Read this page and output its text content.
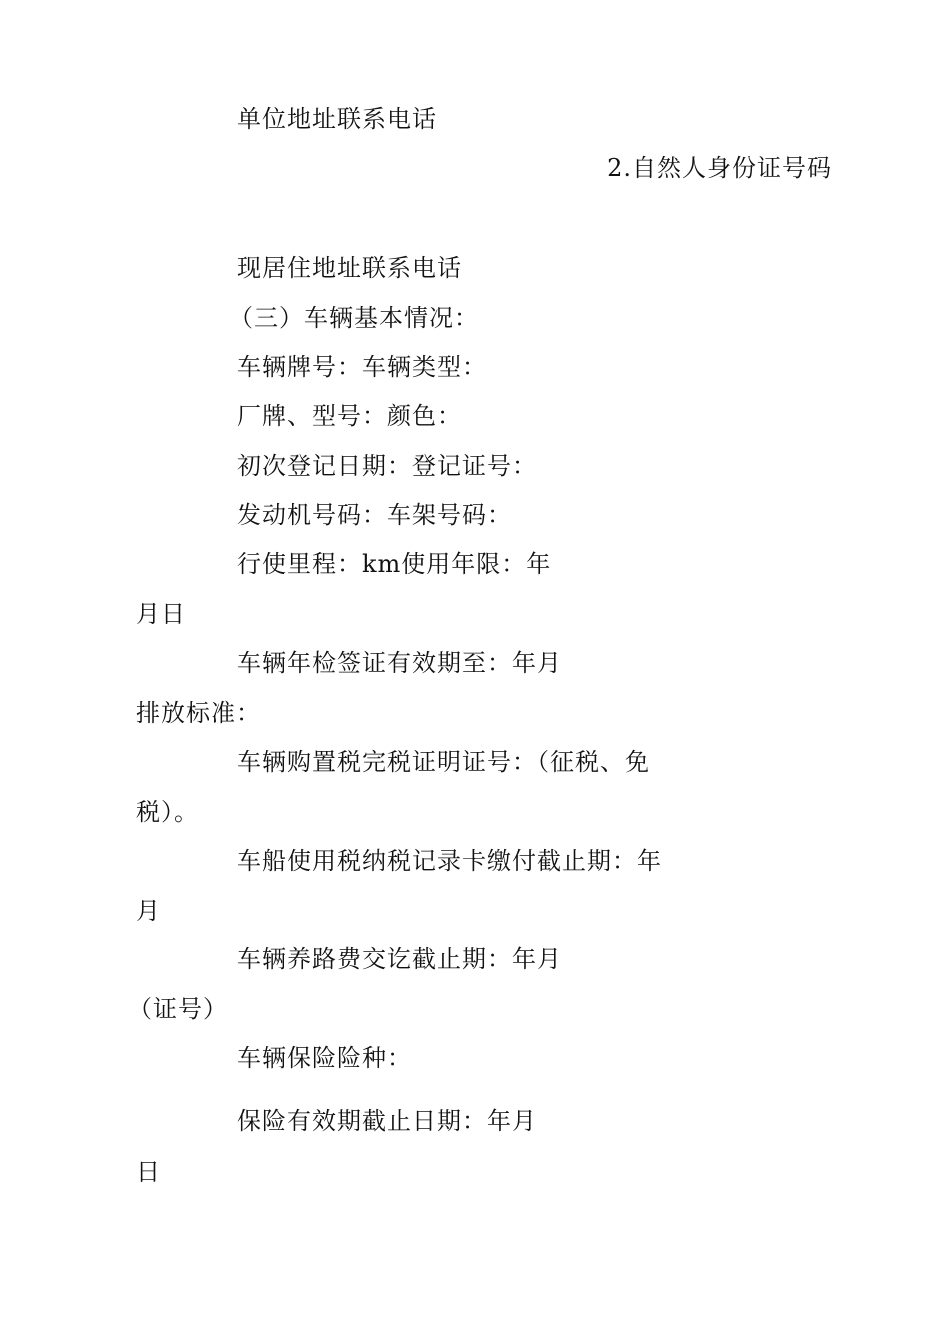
单位地址联系电话
2.自然人身份证号码
现居住地址联系电话
（三）车辆基本情况：
车辆牌号：车辆类型：
厂牌、型号：颜色：
初次登记日期：登记证号：
发动机号码：车架号码：
行使里程：km使用年限：年
月日
车辆年检签证有效期至：年月
排放标准：
车辆购置税完税证明证号：（征税、免
税）。
车船使用税纳税记录卡缴付截止期：年
月
车辆养路费交讫截止期：年月
（证号）
车辆保险险种：
保险有效期截止日期：年月
日
